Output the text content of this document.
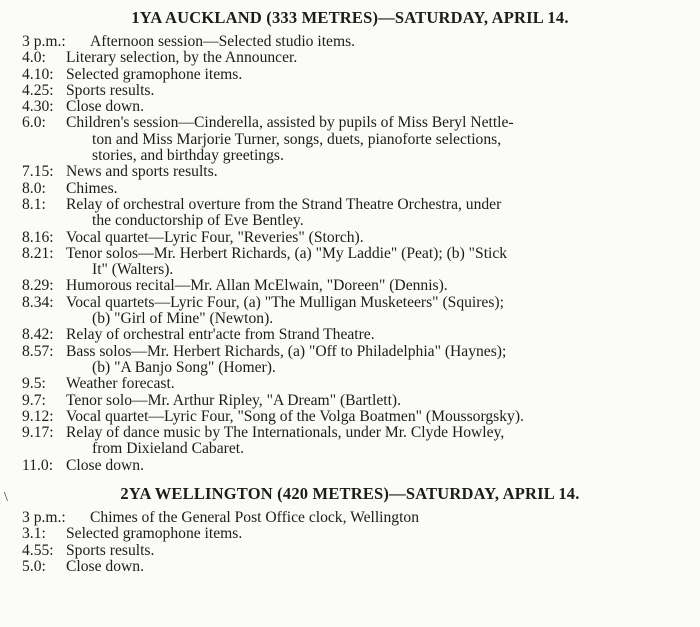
1YA AUCKLAND (333 METRES)—SATURDAY, APRIL 14.
3 p.m.:	Afternoon session—Selected studio items.
4.0:	Literary selection, by the Announcer.
4.10: Selected gramophone items.
4.25: Sports results.
4.30: Close down.
6.0:	Children's session—Cinderella, assisted by pupils of Miss Beryl Nettle-
ton and Miss Marjorie Turner, songs, duets, pianoforte selections,
stories, and birthday greetings.
7.15: News and sports results.
8.0:	Chimes.
8.1:	Relay of orchestral overture from the Strand Theatre Orchestra, under
the conductorship of Eve Bentley.
8.16: Vocal quartet—Lyric Four, "Reveries" (Storch).
8.21: Tenor solos—Mr. Herbert Richards, (a) "My Laddie" (Peat); (b) "Stick
It" (Walters).
8.29: Humorous recital—Mr. Allan McElwain, "Doreen" (Dennis).
8.34: Vocal quartets—Lyric Four, (a) "The Mulligan Musketeers" (Squires);
(b) "Girl of Mine" (Newton).
8.42: Relay of orchestral entr'acte from Strand Theatre.
8.57: Bass solos—Mr. Herbert Richards, (a) "Off to Philadelphia" (Haynes);
(b) "A Banjo Song" (Homer).
9.5:	Weather forecast.
9.7:	Tenor solo—Mr. Arthur Ripley, "A Dream" (Bartlett).
9.12: Vocal quartet—Lyric Four, "Song of the Volga Boatmen" (Moussorgsky).
9.17: Relay of dance music by The Internationals, under Mr. Clyde Howley,
from Dixieland Cabaret.
11.0: Close down.
2YA WELLINGTON (420 METRES)—SATURDAY, APRIL 14.
3 p.m.:	Chimes of the General Post Office clock, Wellington
3.1:	Selected gramophone items.
4.55: Sports results.
5.0:	Close down.
\
